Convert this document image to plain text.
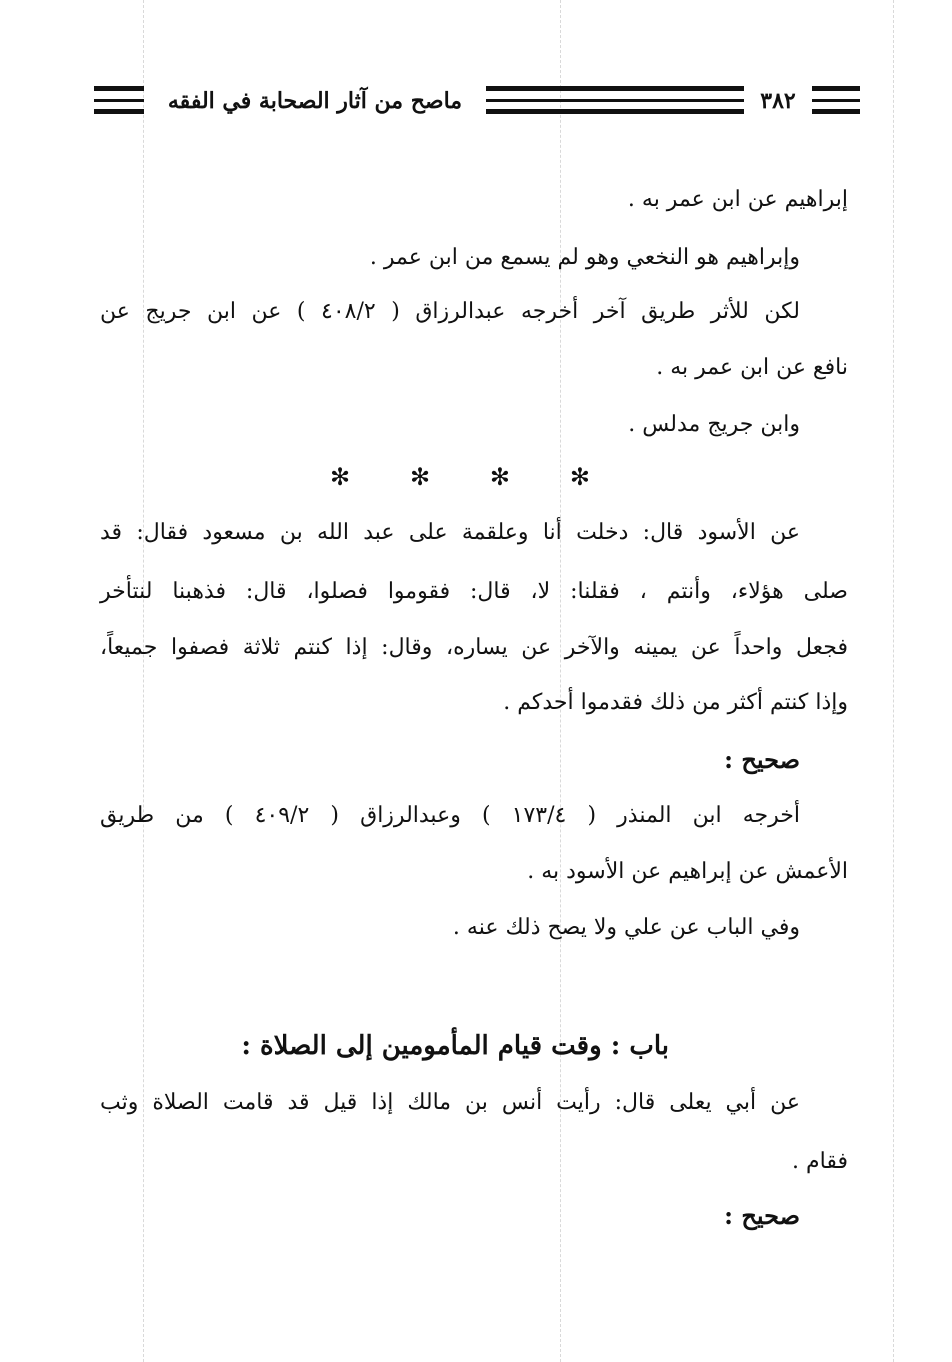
ماصح من آثار الصحابة في الفقه	٣٨٢
إبراهيم عن ابن عمر به .
وإبراهيم هو النخعي وهو لم يسمع من ابن عمر .
لكن للأثر طريق آخر أخرجه عبدالرزاق ( ٤٠٨/٢ ) عن ابن جريج عن
نافع عن ابن عمر به .
وابن جريج مدلس .
✻ ✻ ✻ ✻
عن الأسود قال: دخلت أنا وعلقمة على عبد الله بن مسعود فقال: قد
صلى هؤلاء، وأنتم ، فقلنا: لا، قال: فقوموا فصلوا، قال: فذهبنا لنتأخر
فجعل واحداً عن يمينه والآخر عن يساره، وقال: إذا كنتم ثلاثة فصفوا جميعاً،
وإذا كنتم أكثر من ذلك فقدموا أحدكم .
صحيح :
أخرجه ابن المنذر ( ١٧٣/٤ ) وعبدالرزاق ( ٤٠٩/٢ ) من طريق
الأعمش عن إبراهيم عن الأسود به .
وفي الباب عن علي ولا يصح ذلك عنه .
باب : وقت قيام المأمومين إلى الصلاة :
عن أبي يعلى قال: رأيت أنس بن مالك إذا قيل قد قامت الصلاة وثب
فقام .
صحيح :
